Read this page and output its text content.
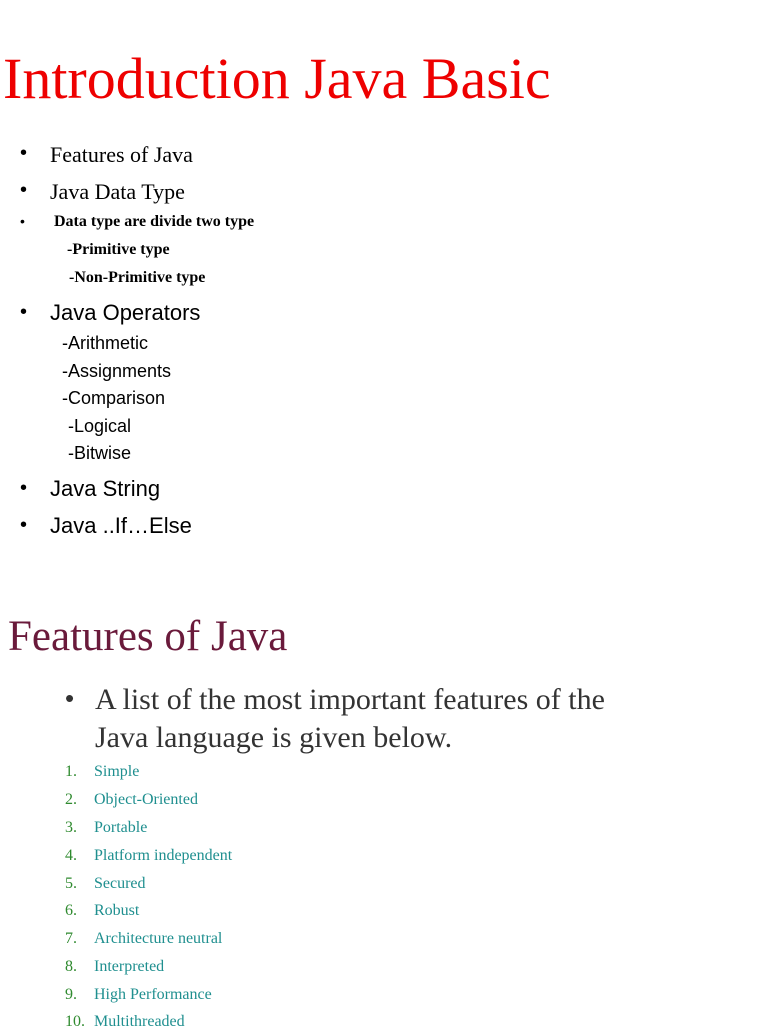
Introduction Java Basic
• Features of Java
• Java Data Type
• Data type are divide two type
-Primitive type
-Non-Primitive type
• Java Operators
-Arithmetic
-Assignments
-Comparison
-Logical
-Bitwise
• Java String
• Java ..If…Else
Features of Java
• A list of the most important features of the
Java language is given below.
1. Simple
2. Object-Oriented
3. Portable
4. Platform independent
5. Secured
6. Robust
7. Architecture neutral
8. Interpreted
9. High Performance
10. Multithreaded
